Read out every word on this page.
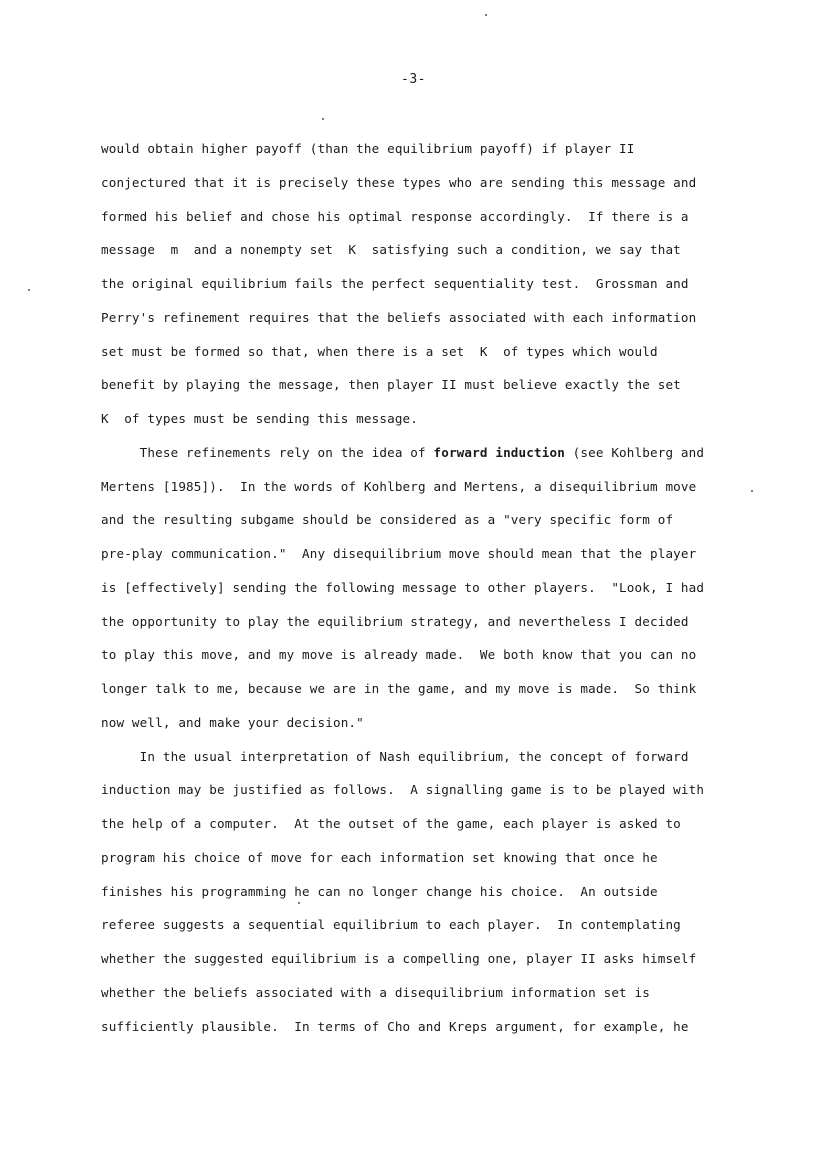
-3-
would obtain higher payoff (than the equilibrium payoff) if player II
conjectured that it is precisely these types who are sending this message and
formed his belief and chose his optimal response accordingly.  If there is a
message  m  and a nonempty set  K  satisfying such a condition, we say that
the original equilibrium fails the perfect sequentiality test.  Grossman and
Perry's refinement requires that the beliefs associated with each information
set must be formed so that, when there is a set  K  of types which would
benefit by playing the message, then player II must believe exactly the set
K  of types must be sending this message.
These refinements rely on the idea of forward induction (see Kohlberg and
Mertens [1985]).  In the words of Kohlberg and Mertens, a disequilibrium move
and the resulting subgame should be considered as a "very specific form of
pre-play communication."  Any disequilibrium move should mean that the player
is [effectively] sending the following message to other players.  "Look, I had
the opportunity to play the equilibrium strategy, and nevertheless I decided
to play this move, and my move is already made.  We both know that you can no
longer talk to me, because we are in the game, and my move is made.  So think
now well, and make your decision."
In the usual interpretation of Nash equilibrium, the concept of forward
induction may be justified as follows.  A signalling game is to be played with
the help of a computer.  At the outset of the game, each player is asked to
program his choice of move for each information set knowing that once he
finishes his programming he can no longer change his choice.  An outside
referee suggests a sequential equilibrium to each player.  In contemplating
whether the suggested equilibrium is a compelling one, player II asks himself
whether the beliefs associated with a disequilibrium information set is
sufficiently plausible.  In terms of Cho and Kreps argument, for example, he
